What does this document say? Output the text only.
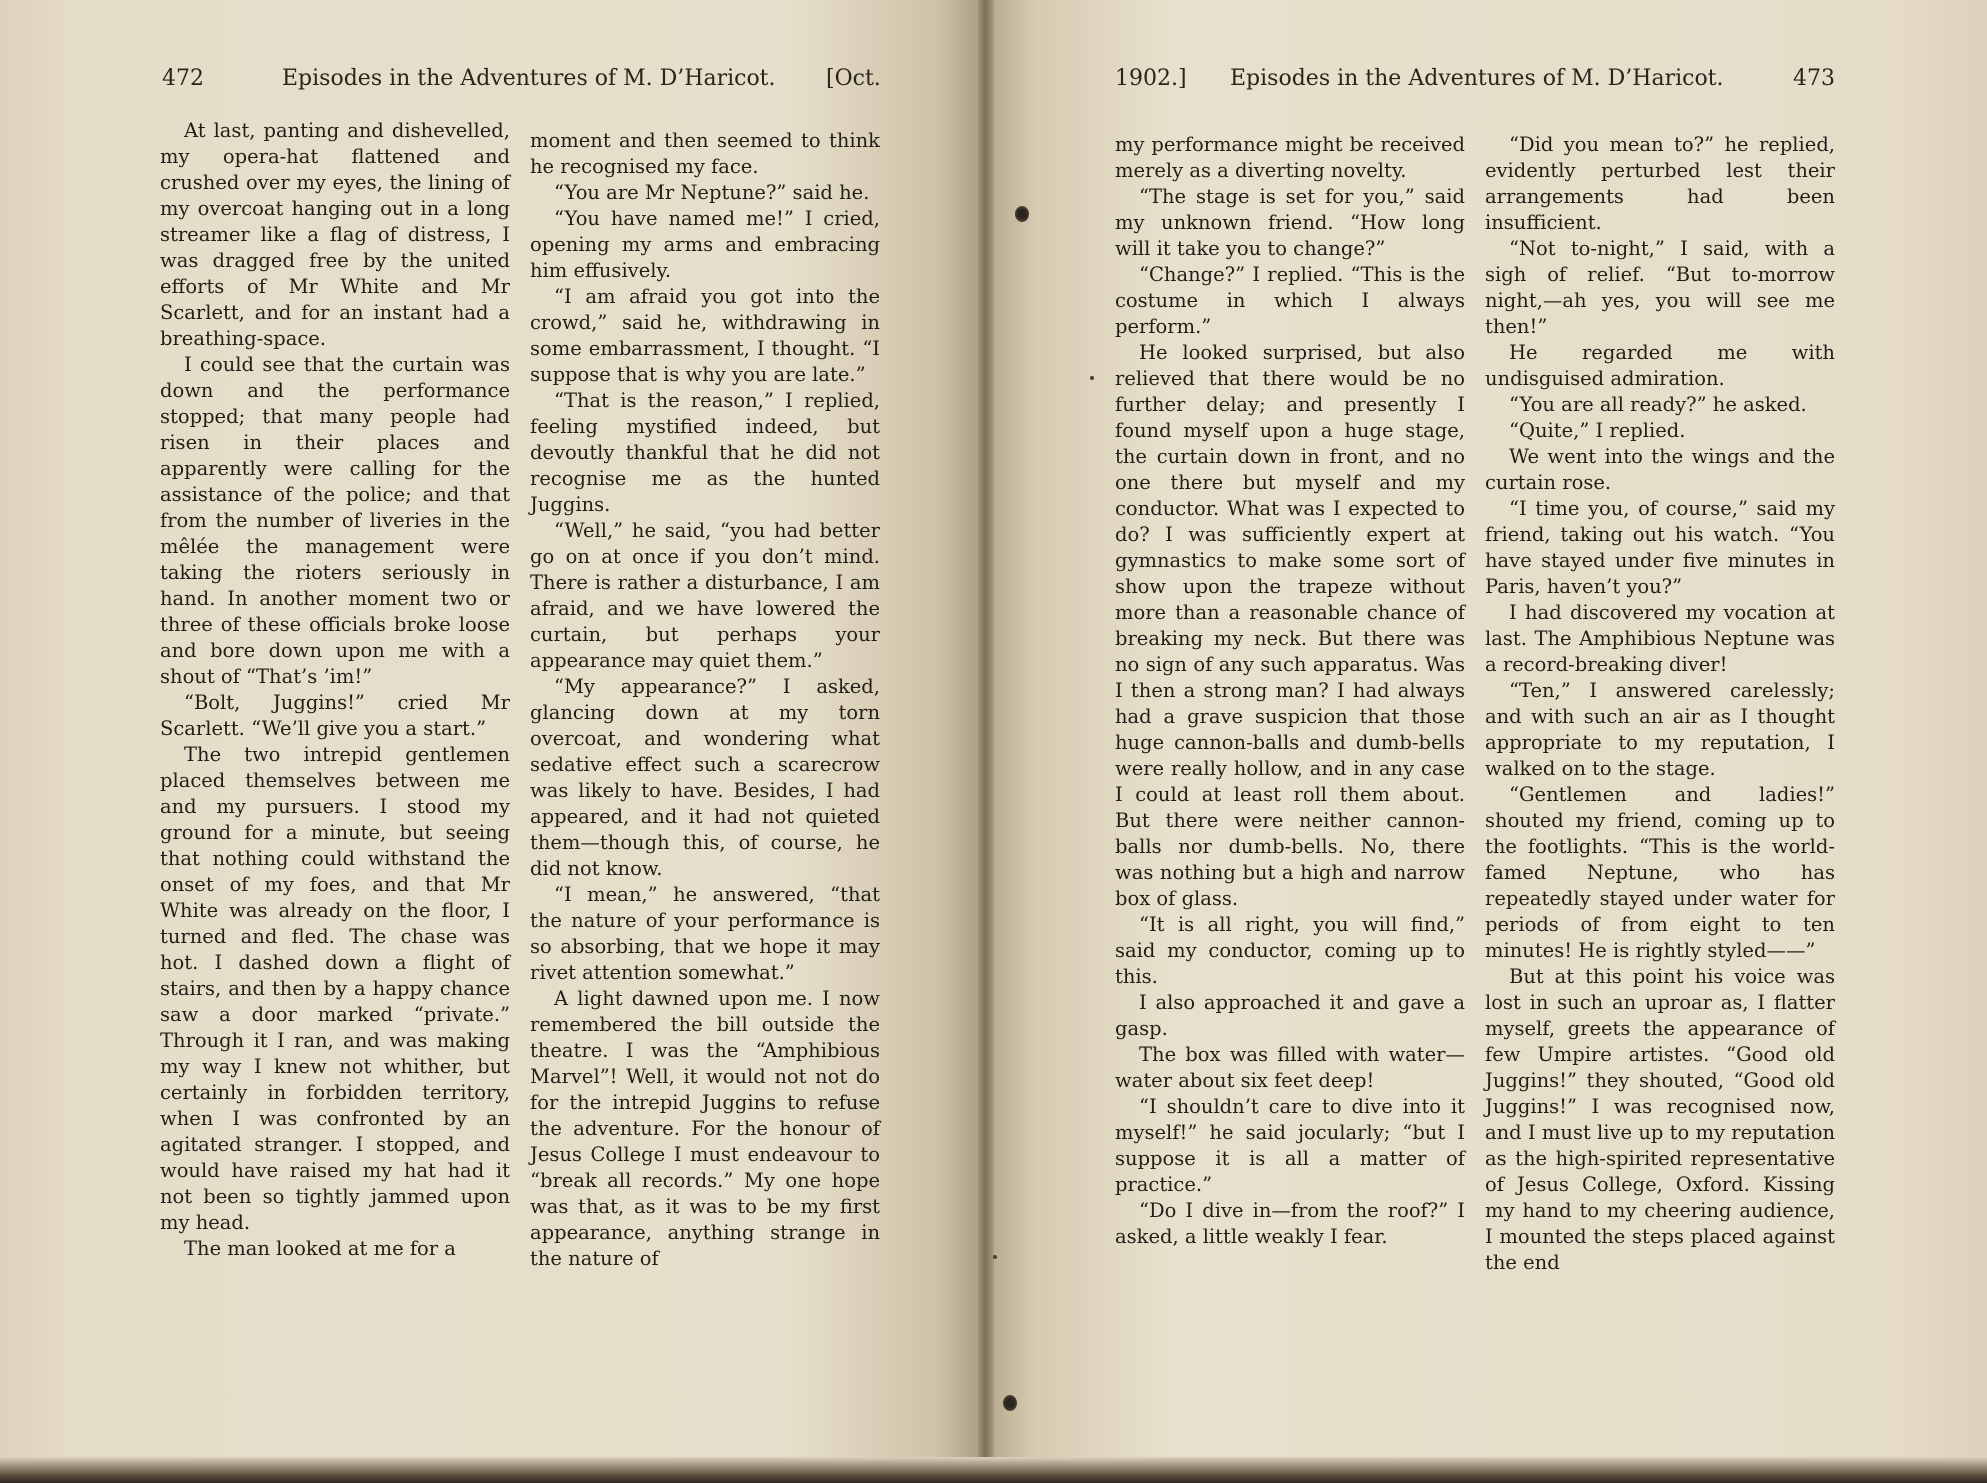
472	Episodes in the Adventures of M. D’Haricot. [Oct.

At last, panting and dishevelled, my opera-hat flattened and crushed over my eyes, the lining of my overcoat hanging out in a long streamer like a flag of distress, I was dragged free by the united efforts of Mr White and Mr Scarlett, and for an instant had a breathing-space.

I could see that the curtain was down and the performance stopped; that many people had risen in their places and apparently were calling for the assistance of the police; and that from the number of liveries in the mêlée the management were taking the rioters seriously in hand. In another moment two or three of these officials broke loose and bore down upon me with a shout of “That’s ’im!”

“Bolt, Juggins!” cried Mr Scarlett. “We’ll give you a start.”

The two intrepid gentlemen placed themselves between me and my pursuers. I stood my ground for a minute, but seeing that nothing could withstand the onset of my foes, and that Mr White was already on the floor, I turned and fled. The chase was hot. I dashed down a flight of stairs, and then by a happy chance saw a door marked “private.” Through it I ran, and was making my way I knew not whither, but certainly in forbidden territory, when I was confronted by an agitated stranger. I stopped, and would have raised my hat had it not been so tightly jammed upon my head.

The man looked at me for a

moment and then seemed to think he recognised my face.

“You are Mr Neptune?” said he.

“You have named me!” I cried, opening my arms and embracing him effusively.

“I am afraid you got into the crowd,” said he, withdrawing in some embarrassment, I thought. “I suppose that is why you are late.”

“That is the reason,” I replied, feeling mystified indeed, but devoutly thankful that he did not recognise me as the hunted Juggins.

“Well,” he said, “you had better go on at once if you don’t mind. There is rather a disturbance, I am afraid, and we have lowered the curtain, but perhaps your appearance may quiet them.”

“My appearance?” I asked, glancing down at my torn overcoat, and wondering what sedative effect such a scarecrow was likely to have. Besides, I had appeared, and it had not quieted them—though this, of course, he did not know.

“I mean,” he answered, “that the nature of your performance is so absorbing, that we hope it may rivet attention somewhat.”

A light dawned upon me. I now remembered the bill outside the theatre. I was the “Amphibious Marvel”! Well, it would not not do for the intrepid Juggins to refuse the adventure. For the honour of Jesus College I must endeavour to “break all records.” My one hope was that, as it was to be my first appearance, anything strange in the nature of

1902.] Episodes in the Adventures of M. D’Haricot.	473

my performance might be received merely as a diverting novelty.

“The stage is set for you,” said my unknown friend. “How long will it take you to change?”

“Change?” I replied. “This is the costume in which I always perform.”

He looked surprised, but also relieved that there would be no further delay; and presently I found myself upon a huge stage, the curtain down in front, and no one there but myself and my conductor. What was I expected to do? I was sufficiently expert at gymnastics to make some sort of show upon the trapeze without more than a reasonable chance of breaking my neck. But there was no sign of any such apparatus. Was I then a strong man? I had always had a grave suspicion that those huge cannon-balls and dumb-bells were really hollow, and in any case I could at least roll them about. But there were neither cannon-balls nor dumb-bells. No, there was nothing but a high and narrow box of glass.

“It is all right, you will find,” said my conductor, coming up to this.

I also approached it and gave a gasp.

The box was filled with water—water about six feet deep!

“I shouldn’t care to dive into it myself!” he said jocularly; “but I suppose it is all a matter of practice.”

“Do I dive in—from the roof?” I asked, a little weakly I fear.

“Did you mean to?” he replied, evidently perturbed lest their arrangements had been insufficient.

“Not to-night,” I said, with a sigh of relief. “But to-morrow night,—ah yes, you will see me then!”

He regarded me with undisguised admiration.

“You are all ready?” he asked.

“Quite,” I replied.

We went into the wings and the curtain rose.

“I time you, of course,” said my friend, taking out his watch. “You have stayed under five minutes in Paris, haven’t you?”

I had discovered my vocation at last. The Amphibious Neptune was a record-breaking diver!

“Ten,” I answered carelessly; and with such an air as I thought appropriate to my reputation, I walked on to the stage.

“Gentlemen and ladies!” shouted my friend, coming up to the footlights. “This is the world-famed Neptune, who has repeatedly stayed under water for periods of from eight to ten minutes! He is rightly styled——”

But at this point his voice was lost in such an uproar as, I flatter myself, greets the appearance of few Umpire artistes. “Good old Juggins!” they shouted, “Good old Juggins!” I was recognised now, and I must live up to my reputation as the high-spirited representative of Jesus College, Oxford. Kissing my hand to my cheering audience, I mounted the steps placed against the end
